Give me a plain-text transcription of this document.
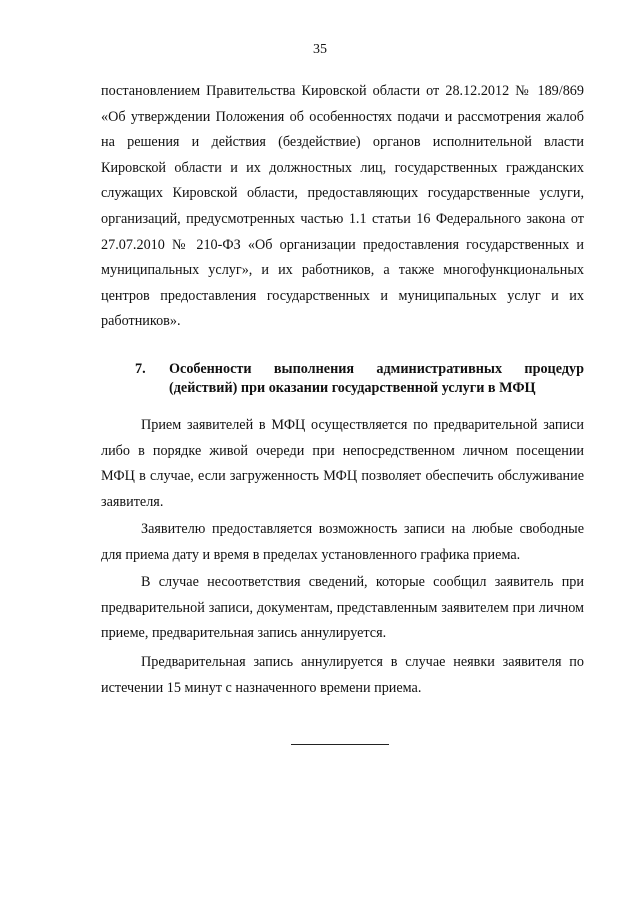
35
постановлением Правительства Кировской области от 28.12.2012 № 189/869 «Об утверждении Положения об особенностях подачи и рассмотрения жалоб на решения и действия (бездействие) органов исполнительной власти Кировской области и их должностных лиц, государственных гражданских служащих Кировской области, предоставляющих государственные услуги, организаций, предусмотренных частью 1.1 статьи 16 Федерального закона от 27.07.2010 № 210-ФЗ «Об организации предоставления государственных и муниципальных услуг», и их работников, а также многофункциональных центров предоставления государственных и муниципальных услуг и их работников».
7.	Особенности выполнения административных процедур
(действий) при оказании государственной услуги в МФЦ

Прием заявителей в МФЦ осуществляется по предварительной записи либо в порядке живой очереди при непосредственном личном посещении МФЦ в случае, если загруженность МФЦ позволяет обеспечить обслуживание заявителя.

Заявителю предоставляется возможность записи на любые свободные для приема дату и время в пределах установленного графика приема.

В случае несоответствия сведений, которые сообщил заявитель при предварительной записи, документам, представленным заявителем при личном приеме, предварительная запись аннулируется.

Предварительная запись аннулируется в случае неявки заявителя по истечении 15 минут с назначенного времени приема.
